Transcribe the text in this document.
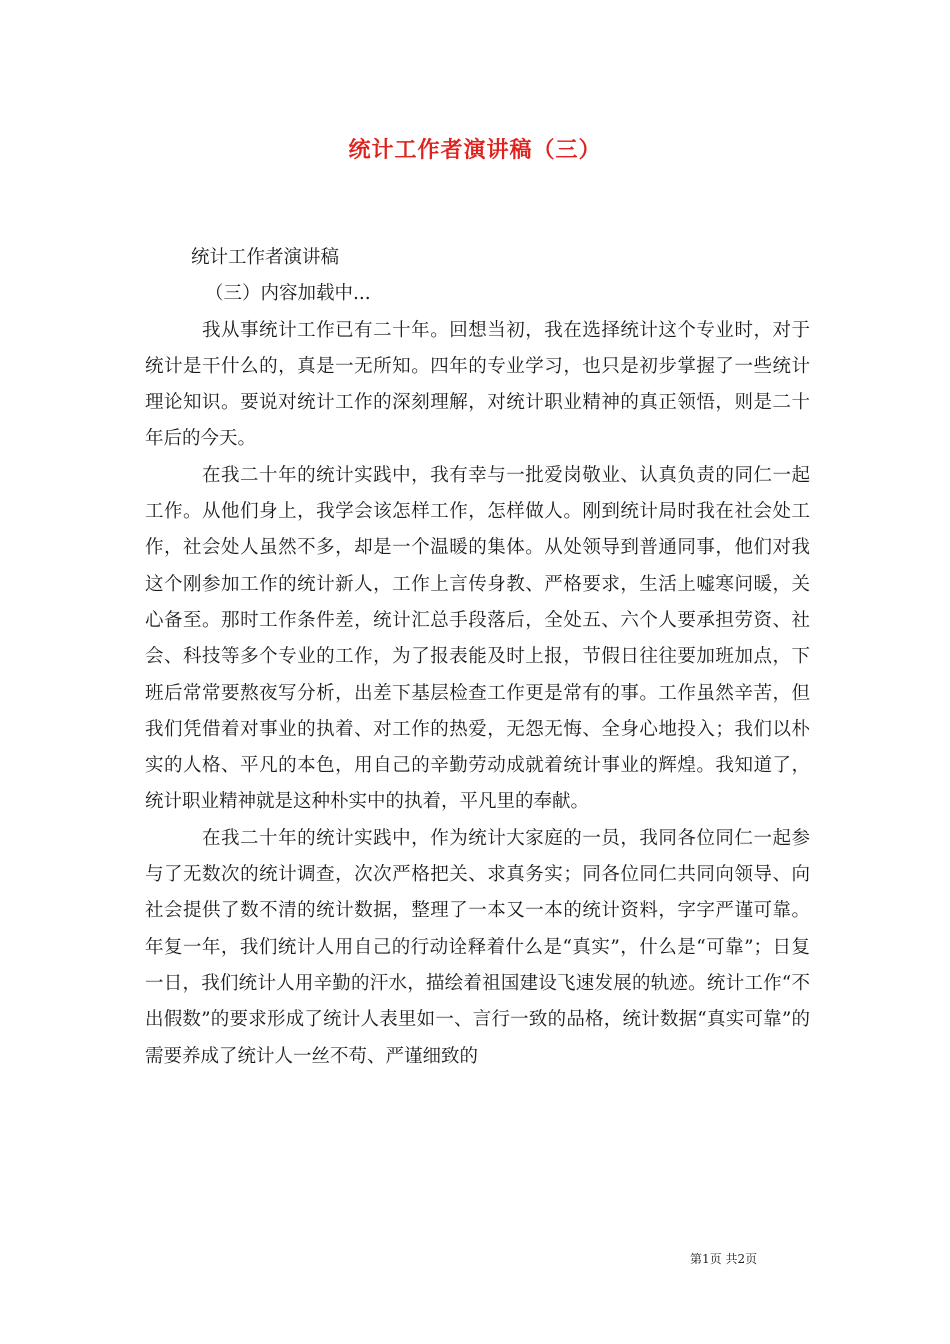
统计工作者演讲稿（三）

统计工作者演讲稿

（三）内容加载中...

我从事统计工作已有二十年。回想当初，我在选择统计这个专业时，对于统计是干什么的，真是一无所知。四年的专业学习，也只是初步掌握了一些统计理论知识。要说对统计工作的深刻理解，对统计职业精神的真正领悟，则是二十年后的今天。

在我二十年的统计实践中，我有幸与一批爱岗敬业、认真负责的同仁一起工作。从他们身上，我学会该怎样工作，怎样做人。刚到统计局时我在社会处工作，社会处人虽然不多，却是一个温暖的集体。从处领导到普通同事，他们对我这个刚参加工作的统计新人，工作上言传身教、严格要求，生活上嘘寒问暖，关心备至。那时工作条件差，统计汇总手段落后，全处五、六个人要承担劳资、社会、科技等多个专业的工作，为了报表能及时上报，节假日往往要加班加点，下班后常常要熬夜写分析，出差下基层检查工作更是常有的事。工作虽然辛苦，但我们凭借着对事业的执着、对工作的热爱，无怨无悔、全身心地投入；我们以朴实的人格、平凡的本色，用自己的辛勤劳动成就着统计事业的辉煌。我知道了，统计职业精神就是这种朴实中的执着，平凡里的奉献。

在我二十年的统计实践中，作为统计大家庭的一员，我同各位同仁一起参与了无数次的统计调查，次次严格把关、求真务实；同各位同仁共同向领导、向社会提供了数不清的统计数据，整理了一本又一本的统计资料，字字严谨可靠。年复一年，我们统计人用自己的行动诠释着什么是“真实”，什么是“可靠”；日复一日，我们统计人用辛勤的汗水，描绘着祖国建设飞速发展的轨迹。统计工作“不出假数”的要求形成了统计人表里如一、言行一致的品格，统计数据“真实可靠”的需要养成了统计人一丝不苟、严谨细致的

第1页 共2页
